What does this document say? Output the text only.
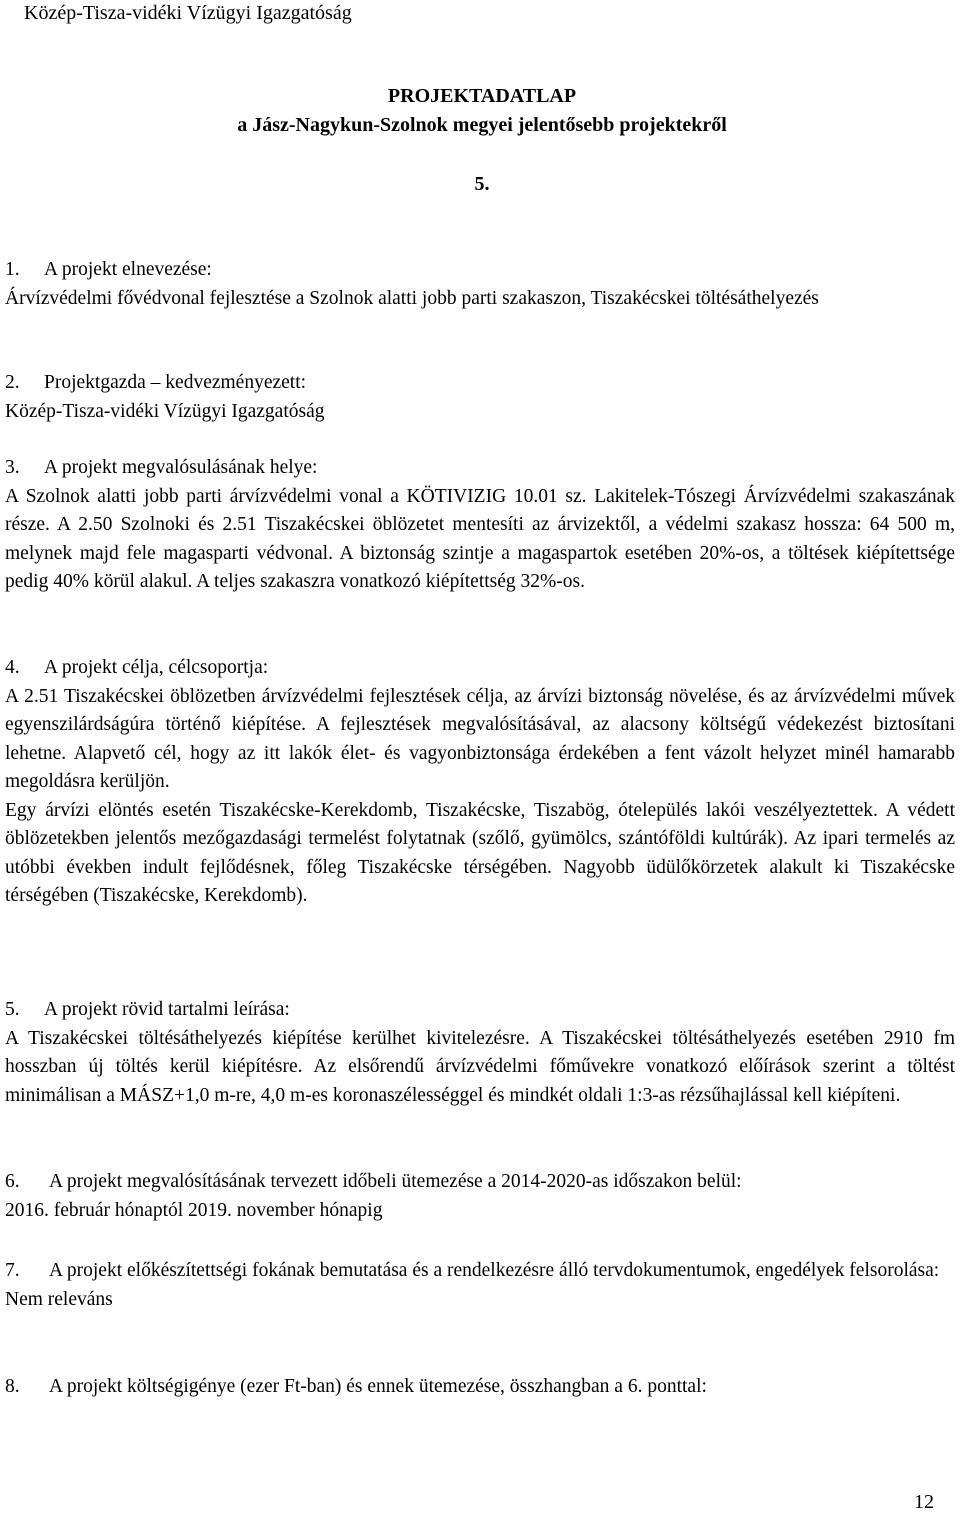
Közép-Tisza-vidéki Vízügyi Igazgatóság
PROJEKTADATLAP
a Jász-Nagykun-Szolnok megyei jelentősebb projektekről
5.

1. A projekt elnevezése:

Árvízvédelmi fővédvonal fejlesztése a Szolnok alatti jobb parti szakaszon, Tiszakécskei töltésáthelyezés

2. Projektgazda – kedvezményezett:

Közép-Tisza-vidéki Vízügyi Igazgatóság

3. A projekt megvalósulásának helye:

A Szolnok alatti jobb parti árvízvédelmi vonal a KÖTIVIZIG 10.01 sz. Lakitelek-Tószegi Árvízvédelmi szakaszának része. A 2.50 Szolnoki és 2.51 Tiszakécskei öblözetet mentesíti az árvizektől, a védelmi szakasz hossza: 64 500 m, melynek majd fele magasparti védvonal. A biztonság szintje a magaspartok esetében 20%-os, a töltések kiépítettsége pedig 40% körül alakul. A teljes szakaszra vonatkozó kiépítettség 32%-os.

4. A projekt célja, célcsoportja:

A 2.51 Tiszakécskei öblözetben árvízvédelmi fejlesztések célja, az árvízi biztonság növelése, és az árvízvédelmi művek egyenszilárdságúra történő kiépítése. A fejlesztések megvalósításával, az alacsony költségű védekezést biztosítani lehetne. Alapvető cél, hogy az itt lakók élet- és vagyonbiztonsága érdekében a fent vázolt helyzet minél hamarabb megoldásra kerüljön.

Egy árvízi elöntés esetén Tiszakécske-Kerekdomb, Tiszakécske, Tiszabög, ótelepülés lakói veszélyeztettek. A védett öblözetekben jelentős mezőgazdasági termelést folytatnak (szőlő, gyümölcs, szántóföldi kultúrák). Az ipari termelés az utóbbi években indult fejlődésnek, főleg Tiszakécske térségében. Nagyobb üdülőkörzetek alakult ki Tiszakécske térségében (Tiszakécske, Kerekdomb).

5. A projekt rövid tartalmi leírása:

A Tiszakécskei töltésáthelyezés kiépítése kerülhet kivitelezésre. A Tiszakécskei töltésáthelyezés esetében 2910 fm hosszban új töltés kerül kiépítésre. Az elsőrendű árvízvédelmi főművekre vonatkozó előírások szerint a töltést minimálisan a MÁSZ+1,0 m-re, 4,0 m-es koronaszélességgel és mindkét oldali 1:3-as rézsűhajlással kell kiépíteni.

6.	A projekt megvalósításának tervezett időbeli ütemezése a 2014-2020-as időszakon belül:

2016. február hónaptól 2019. november hónapig

7.	A projekt előkészítettségi fokának bemutatása és a rendelkezésre álló tervdokumentumok, engedélyek felsorolása:

Nem releváns

8.	A projekt költségigénye (ezer Ft-ban) és ennek ütemezése, összhangban a 6. ponttal:
12
